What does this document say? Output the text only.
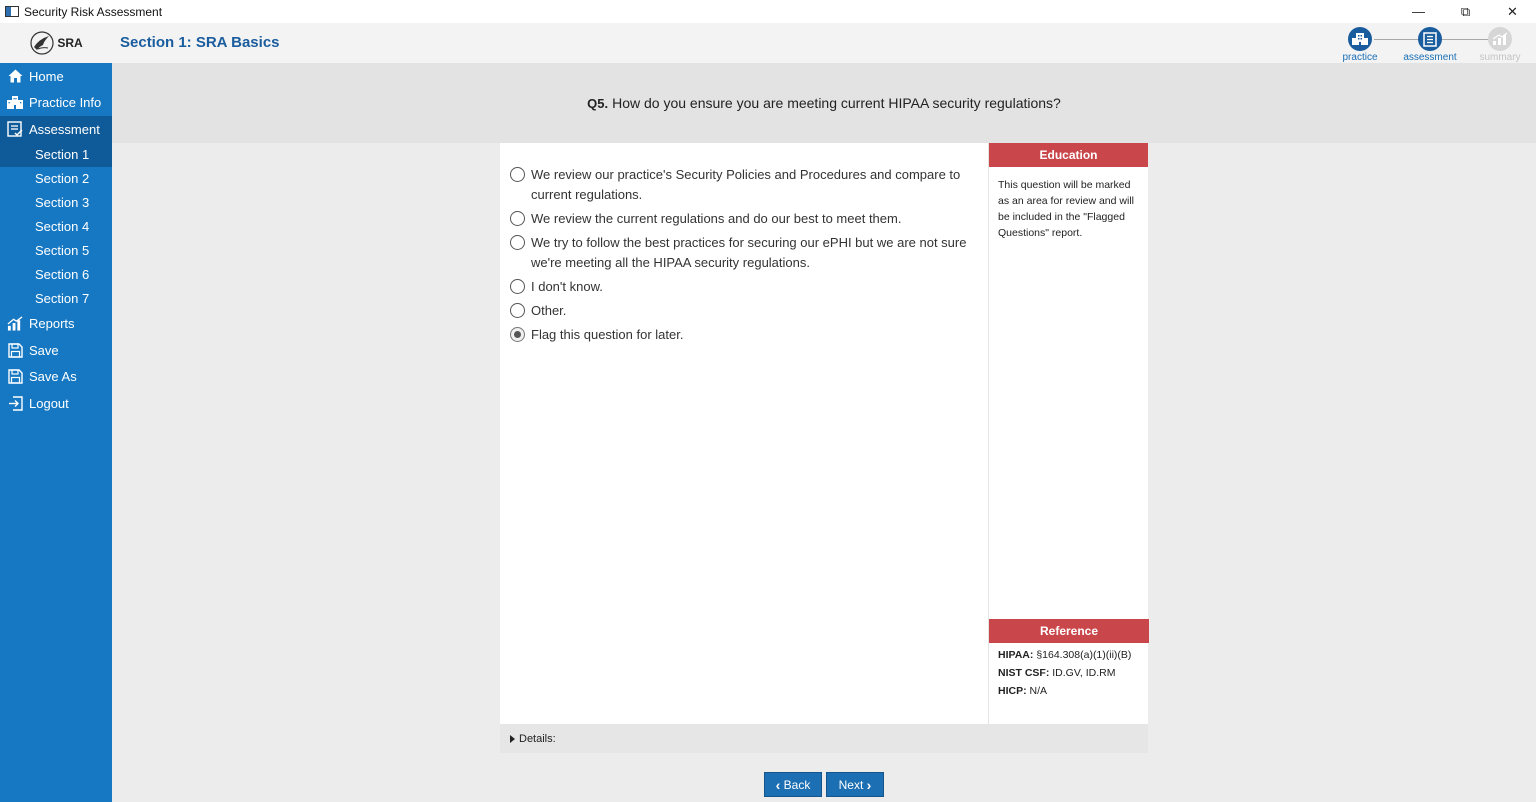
Security Risk Assessment	—	⧉	✕
SRA Section 1: SRA Basics
practice	assessment	summary
Home
Practice Info
Assessment
Section 1
Section 2
Section 3
Section 4
Section 5
Section 6
Section 7
Reports
Save
Save As
Logout
Q5. How do you ensure you are meeting current HIPAA security regulations?
We review our practice's Security Policies and Procedures and compare to current regulations.
We review the current regulations and do our best to meet them.
We try to follow the best practices for securing our ePHI but we are not sure we're meeting all the HIPAA security regulations.
I don't know.
Other.
Flag this question for later.
Education
This question will be marked as an area for review and will be included in the "Flagged Questions" report.
Reference
HIPAA: §164.308(a)(1)(ii)(B)
NIST CSF: ID.GV, ID.RM
HICP: N/A
Details:
‹
Back Next
›
